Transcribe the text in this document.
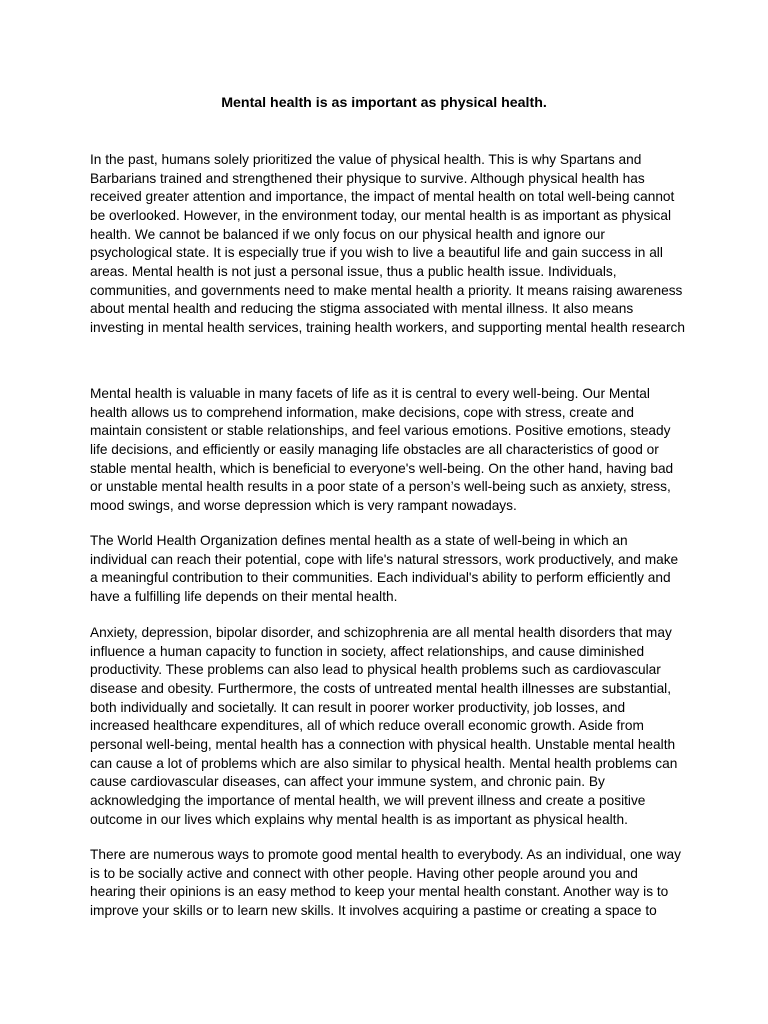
Mental health is as important as physical health.

In the past, humans solely prioritized the value of physical health. This is why Spartans and Barbarians trained and strengthened their physique to survive. Although physical health has received greater attention and importance, the impact of mental health on total well-being cannot be overlooked. However, in the environment today, our mental health is as important as physical health. We cannot be balanced if we only focus on our physical health and ignore our psychological state. It is especially true if you wish to live a beautiful life and gain success in all areas. Mental health is not just a personal issue, thus a public health issue. Individuals, communities, and governments need to make mental health a priority. It means raising awareness about mental health and reducing the stigma associated with mental illness. It also means investing in mental health services, training health workers, and supporting mental health research

Mental health is valuable in many facets of life as it is central to every well-being. Our Mental health allows us to comprehend information, make decisions, cope with stress, create and maintain consistent or stable relationships, and feel various emotions. Positive emotions, steady life decisions, and efficiently or easily managing life obstacles are all characteristics of good or stable mental health, which is beneficial to everyone's well-being. On the other hand, having bad or unstable mental health results in a poor state of a person’s well-being such as anxiety, stress, mood swings, and worse depression which is very rampant nowadays.

The World Health Organization defines mental health as a state of well-being in which an individual can reach their potential, cope with life's natural stressors, work productively, and make a meaningful contribution to their communities. Each individual's ability to perform efficiently and have a fulfilling life depends on their mental health.

Anxiety, depression, bipolar disorder, and schizophrenia are all mental health disorders that may influence a human capacity to function in society, affect relationships, and cause diminished productivity. These problems can also lead to physical health problems such as cardiovascular disease and obesity. Furthermore, the costs of untreated mental health illnesses are substantial, both individually and societally. It can result in poorer worker productivity, job losses, and increased healthcare expenditures, all of which reduce overall economic growth. Aside from personal well-being, mental health has a connection with physical health. Unstable mental health can cause a lot of problems which are also similar to physical health. Mental health problems can cause cardiovascular diseases, can affect your immune system, and chronic pain. By acknowledging the importance of mental health, we will prevent illness and create a positive outcome in our lives which explains why mental health is as important as physical health.

There are numerous ways to promote good mental health to everybody. As an individual, one way is to be socially active and connect with other people. Having other people around you and hearing their opinions is an easy method to keep your mental health constant. Another way is to improve your skills or to learn new skills. It involves acquiring a pastime or creating a space to
